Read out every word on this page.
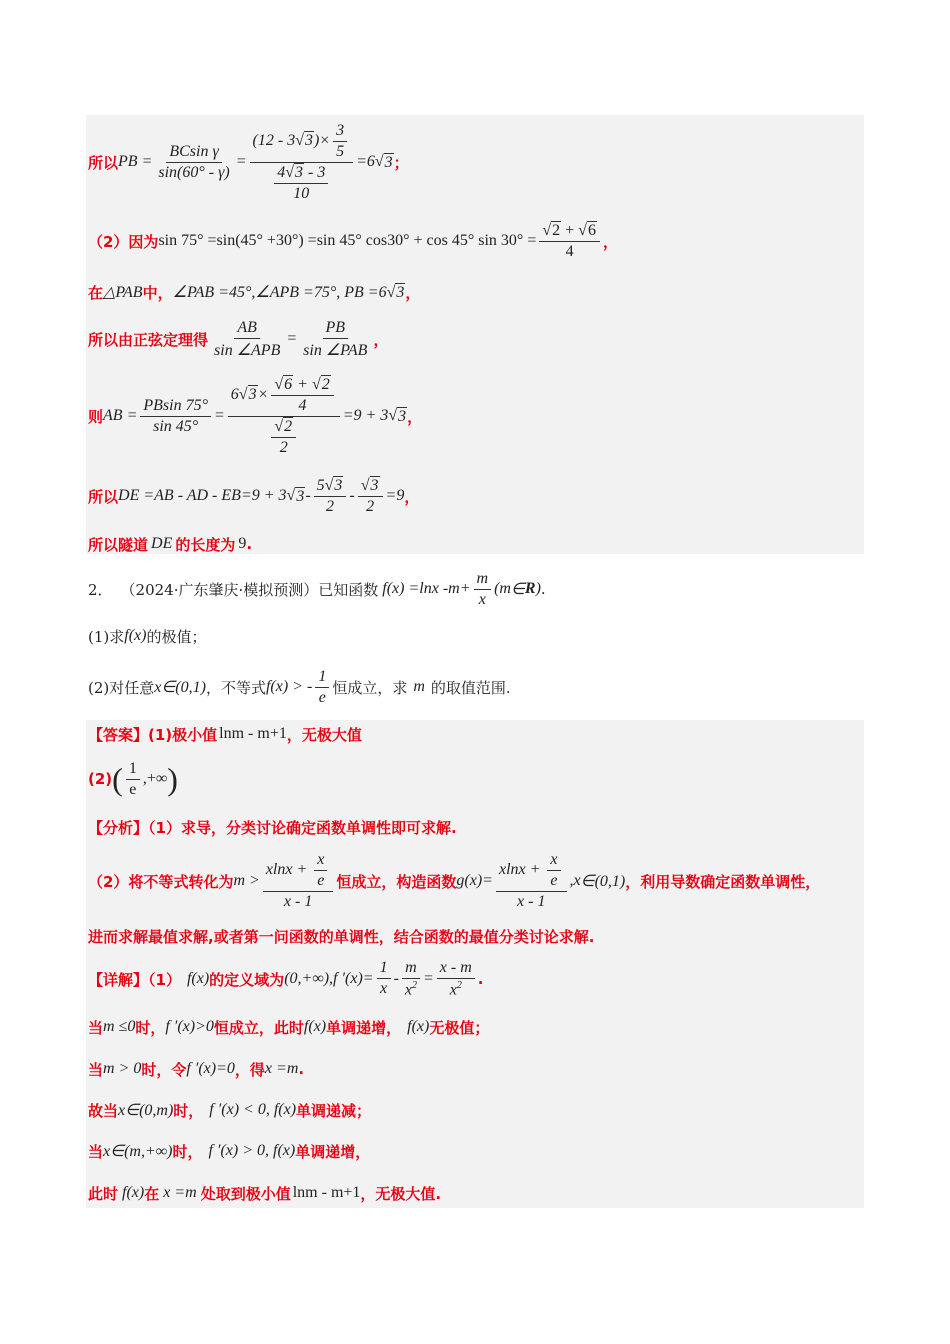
所以 PB = $\frac{\text{BCsin γ}}{\sin(60^\circ - \gamma)} = \frac{(12 - 3√ 3)\times \frac{3}{5}}{\frac{4√ 3 - 3}{10}} =6$
√ 3 ；
（2）因为 sin 75° =sin(45° +30°) =sin 45° cos30° + cos 45° sin 30° =
√ $\frac{2 + √ 6}{4}$ ，
在 △PAB 中， ∠PAB =45°,∠APB =75°, PB =6√ 3 ，
所以由正弦定理得 $\frac{AB}{\text{sin ∠APB}} = \frac{PB}{\text{sin ∠PAB}}$ ，
则 AB = $\frac{PBsin 75^\circ}{\sin 45^\circ} = 6√$ 3×
√ $\frac{6 + √ 2}{4}$
√ $\frac{2}{2} =9 + 3$
√ 3 ，
所以 DE =AB - AD - EB =9 + 3
√ $3 - \frac{5√ 3}{2}$ -
√ $\frac{3}{2} =9$ ，
所以隧道 DE 的长度为 9 .
2． （2024·广东肇庆·模拟预测）已知函数 f ( x ) $=\ln x - m + \frac{m}{x}$ ( m ∈ R ) .
(1)求 f(x) 的极值；
(2)对任意 x∈(0,1) ，不等式 f ( x ) > - $\frac{1}{e}$ 恒成立，求 m 的取值范围.
【答案】(1)极小值 lnm - m+1 ，无极大值
(2) ( $\frac{1}{e}$ ,+∞ )
【分析】（1）求导，分类讨论确定函数单调性即可求解.
（2）将不等式转化为 $m > \frac{xlnx + \frac{x}{e}}{x - 1}$ 恒成立，构造函数 g ( x )= $\frac{xlnx + \frac{x}{e}}{x - 1}$ , x ∈(0,1) ，利用导数确定函数单调性，
进而求解最值求解,或者第一问函数的单调性，结合函数的最值分类讨论求解.
【详解】（1） f(x) 的定义域为 (0,+∞), f ′ ( x )= $\frac{1}{x} - \frac{m}{x^2} = \frac{x - m}{x^2}$ .
当 m ≤0 时， f ′(x)>0 恒成立，此时 f(x) 单调递增， f(x) 无极值；
当 m > 0 时，令 f ′(x)=0 ，得 x =m .
故当 x∈(0,m) 时， f ′(x) < 0, f(x) 单调递减；
当 x∈(m,+∞) 时， f ′(x) > 0, f(x) 单调递增，
此时 f(x) 在 x =m 处取到极小值 lnm - m+1 ，无极大值.
